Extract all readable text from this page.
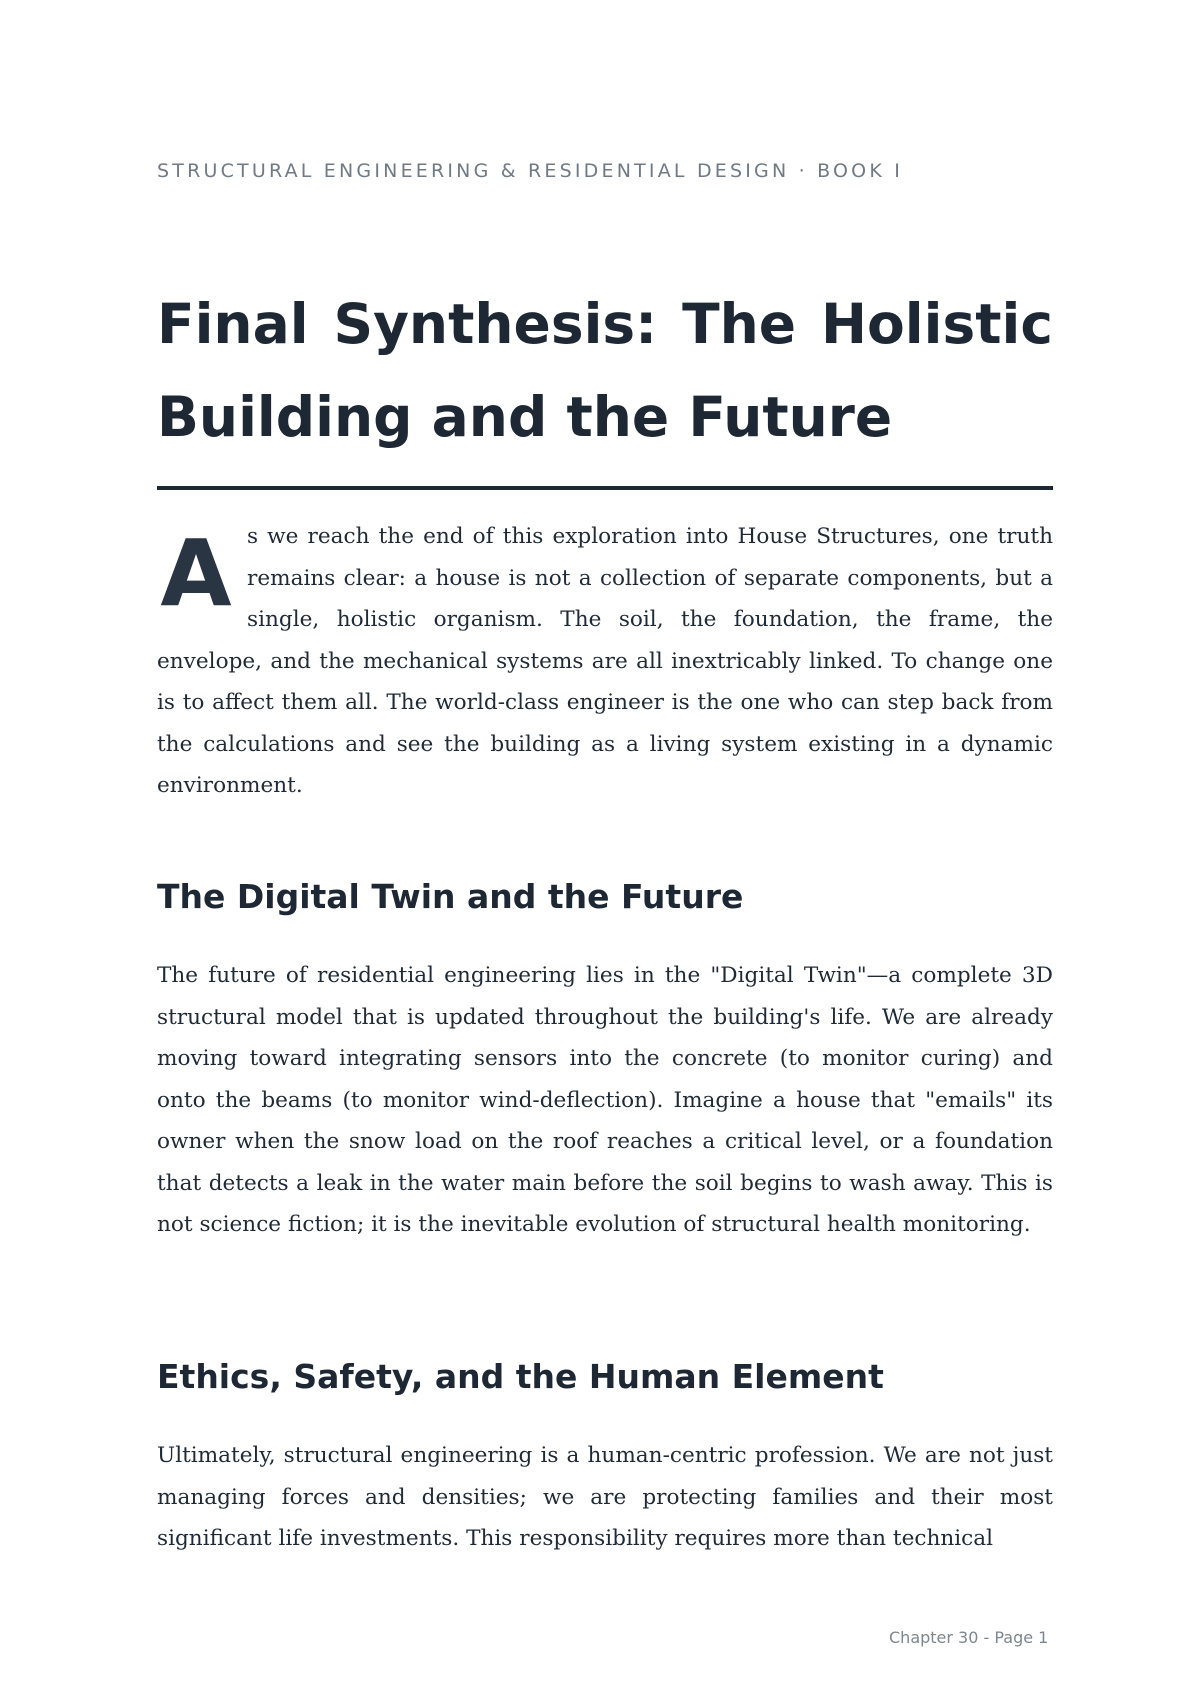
STRUCTURAL ENGINEERING & RESIDENTIAL DESIGN · BOOK I
Final Synthesis: The Holistic Building and the Future

As we reach the end of this exploration into House Structures, one truth remains clear: a house is not a collection of separate components, but a single, holistic organism. The soil, the foundation, the frame, the envelope, and the mechanical systems are all inextricably linked. To change one is to affect them all. The world-class engineer is the one who can step back from the calculations and see the building as a living system existing in a dynamic environment.

The Digital Twin and the Future

The future of residential engineering lies in the "Digital Twin"—a complete 3D structural model that is updated throughout the building's life. We are already moving toward integrating sensors into the concrete (to monitor curing) and onto the beams (to monitor wind-deflection). Imagine a house that "emails" its owner when the snow load on the roof reaches a critical level, or a foundation that detects a leak in the water main before the soil begins to wash away. This is not science fiction; it is the inevitable evolution of structural health monitoring.

Ethics, Safety, and the Human Element

Ultimately, structural engineering is a human-centric profession. We are not just managing forces and densities; we are protecting families and their most significant life investments. This responsibility requires more than technical

Chapter 30 - Page 1
